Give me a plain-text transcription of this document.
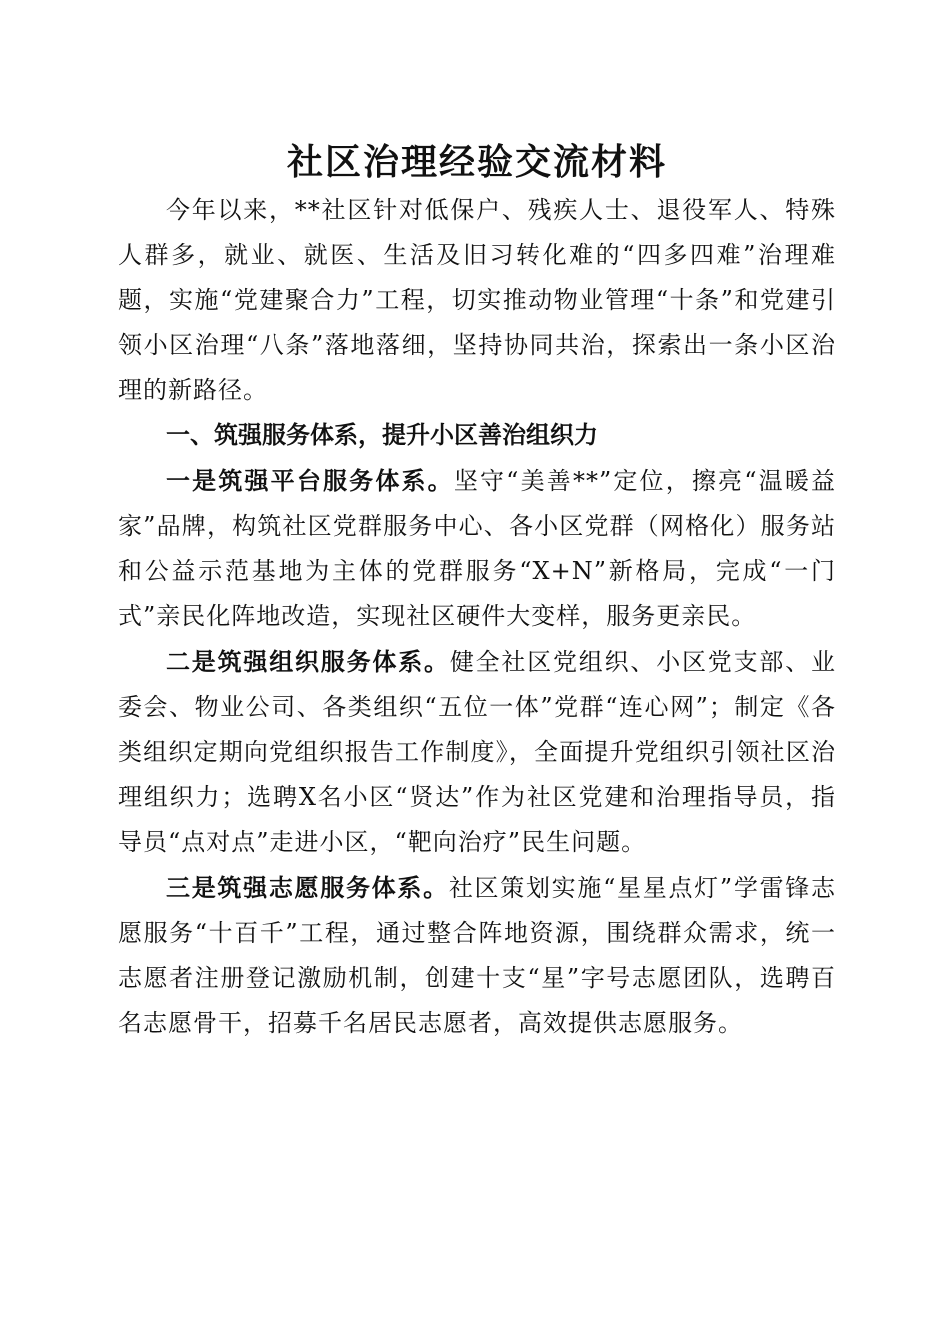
社区治理经验交流材料

今年以来，**社区针对低保户、残疾人士、退役军人、特殊人群多，就业、就医、生活及旧习转化难的“四多四难”治理难题，实施“党建聚合力”工程，切实推动物业管理“十条”和党建引领小区治理“八条”落地落细，坚持协同共治，探索出一条小区治理的新路径。

一、筑强服务体系，提升小区善治组织力

一是筑强平台服务体系。坚守“美善**”定位，擦亮“温暖益家”品牌，构筑社区党群服务中心、各小区党群（网格化）服务站和公益示范基地为主体的党群服务“X+N”新格局，完成“一门式”亲民化阵地改造，实现社区硬件大变样，服务更亲民。

二是筑强组织服务体系。健全社区党组织、小区党支部、业委会、物业公司、各类组织“五位一体”党群“连心网”；制定《各类组织定期向党组织报告工作制度》，全面提升党组织引领社区治理组织力；选聘X名小区“贤达”作为社区党建和治理指导员，指导员“点对点”走进小区，“靶向治疗”民生问题。

三是筑强志愿服务体系。社区策划实施“星星点灯”学雷锋志愿服务“十百千”工程，通过整合阵地资源，围绕群众需求，统一志愿者注册登记激励机制，创建十支“星”字号志愿团队，选聘百名志愿骨干，招募千名居民志愿者，高效提供志愿服务。
